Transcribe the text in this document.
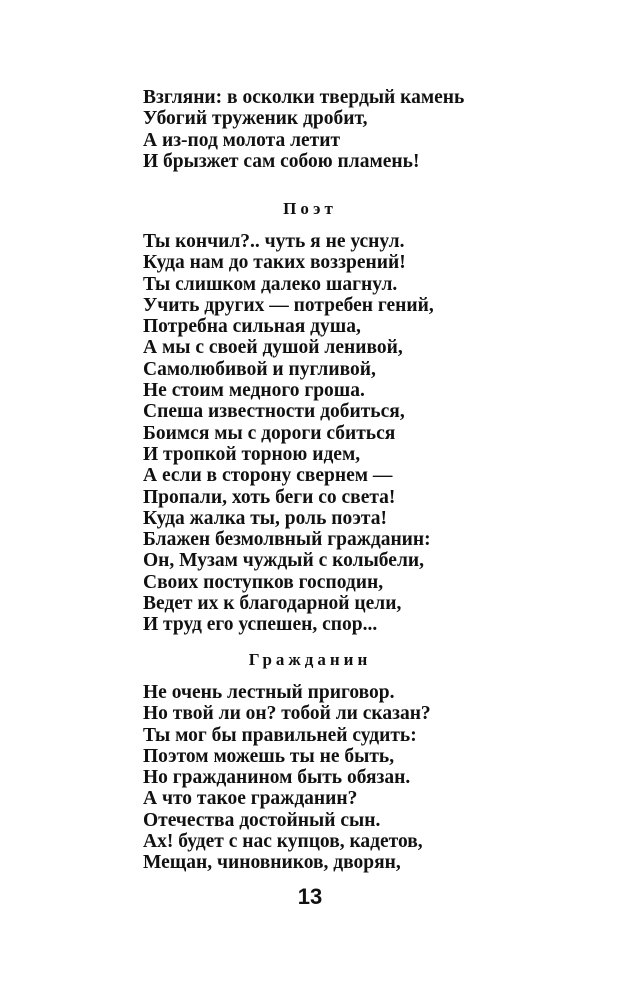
Взгляни: в осколки твердый камень
Убогий труженик дробит,
А из-под молота летит
И брызжет сам собою пламень!
Поэт
Ты кончил?.. чуть я не уснул.
Куда нам до таких воззрений!
Ты слишком далеко шагнул.
Учить других — потребен гений,
Потребна сильная душа,
А мы с своей душой ленивой,
Самолюбивой и пугливой,
Не стоим медного гроша.
Спеша известности добиться,
Боимся мы с дороги сбиться
И тропкой торною идем,
А если в сторону свернем —
Пропали, хоть беги со света!
Куда жалка ты, роль поэта!
Блажен безмолвный гражданин:
Он, Музам чуждый с колыбели,
Своих поступков господин,
Ведет их к благодарной цели,
И труд его успешен, спор...
Гражданин
Не очень лестный приговор.
Но твой ли он? тобой ли сказан?
Ты мог бы правильней судить:
Поэтом можешь ты не быть,
Но гражданином быть обязан.
А что такое гражданин?
Отечества достойный сын.
Ах! будет с нас купцов, кадетов,
Мещан, чиновников, дворян,
13
